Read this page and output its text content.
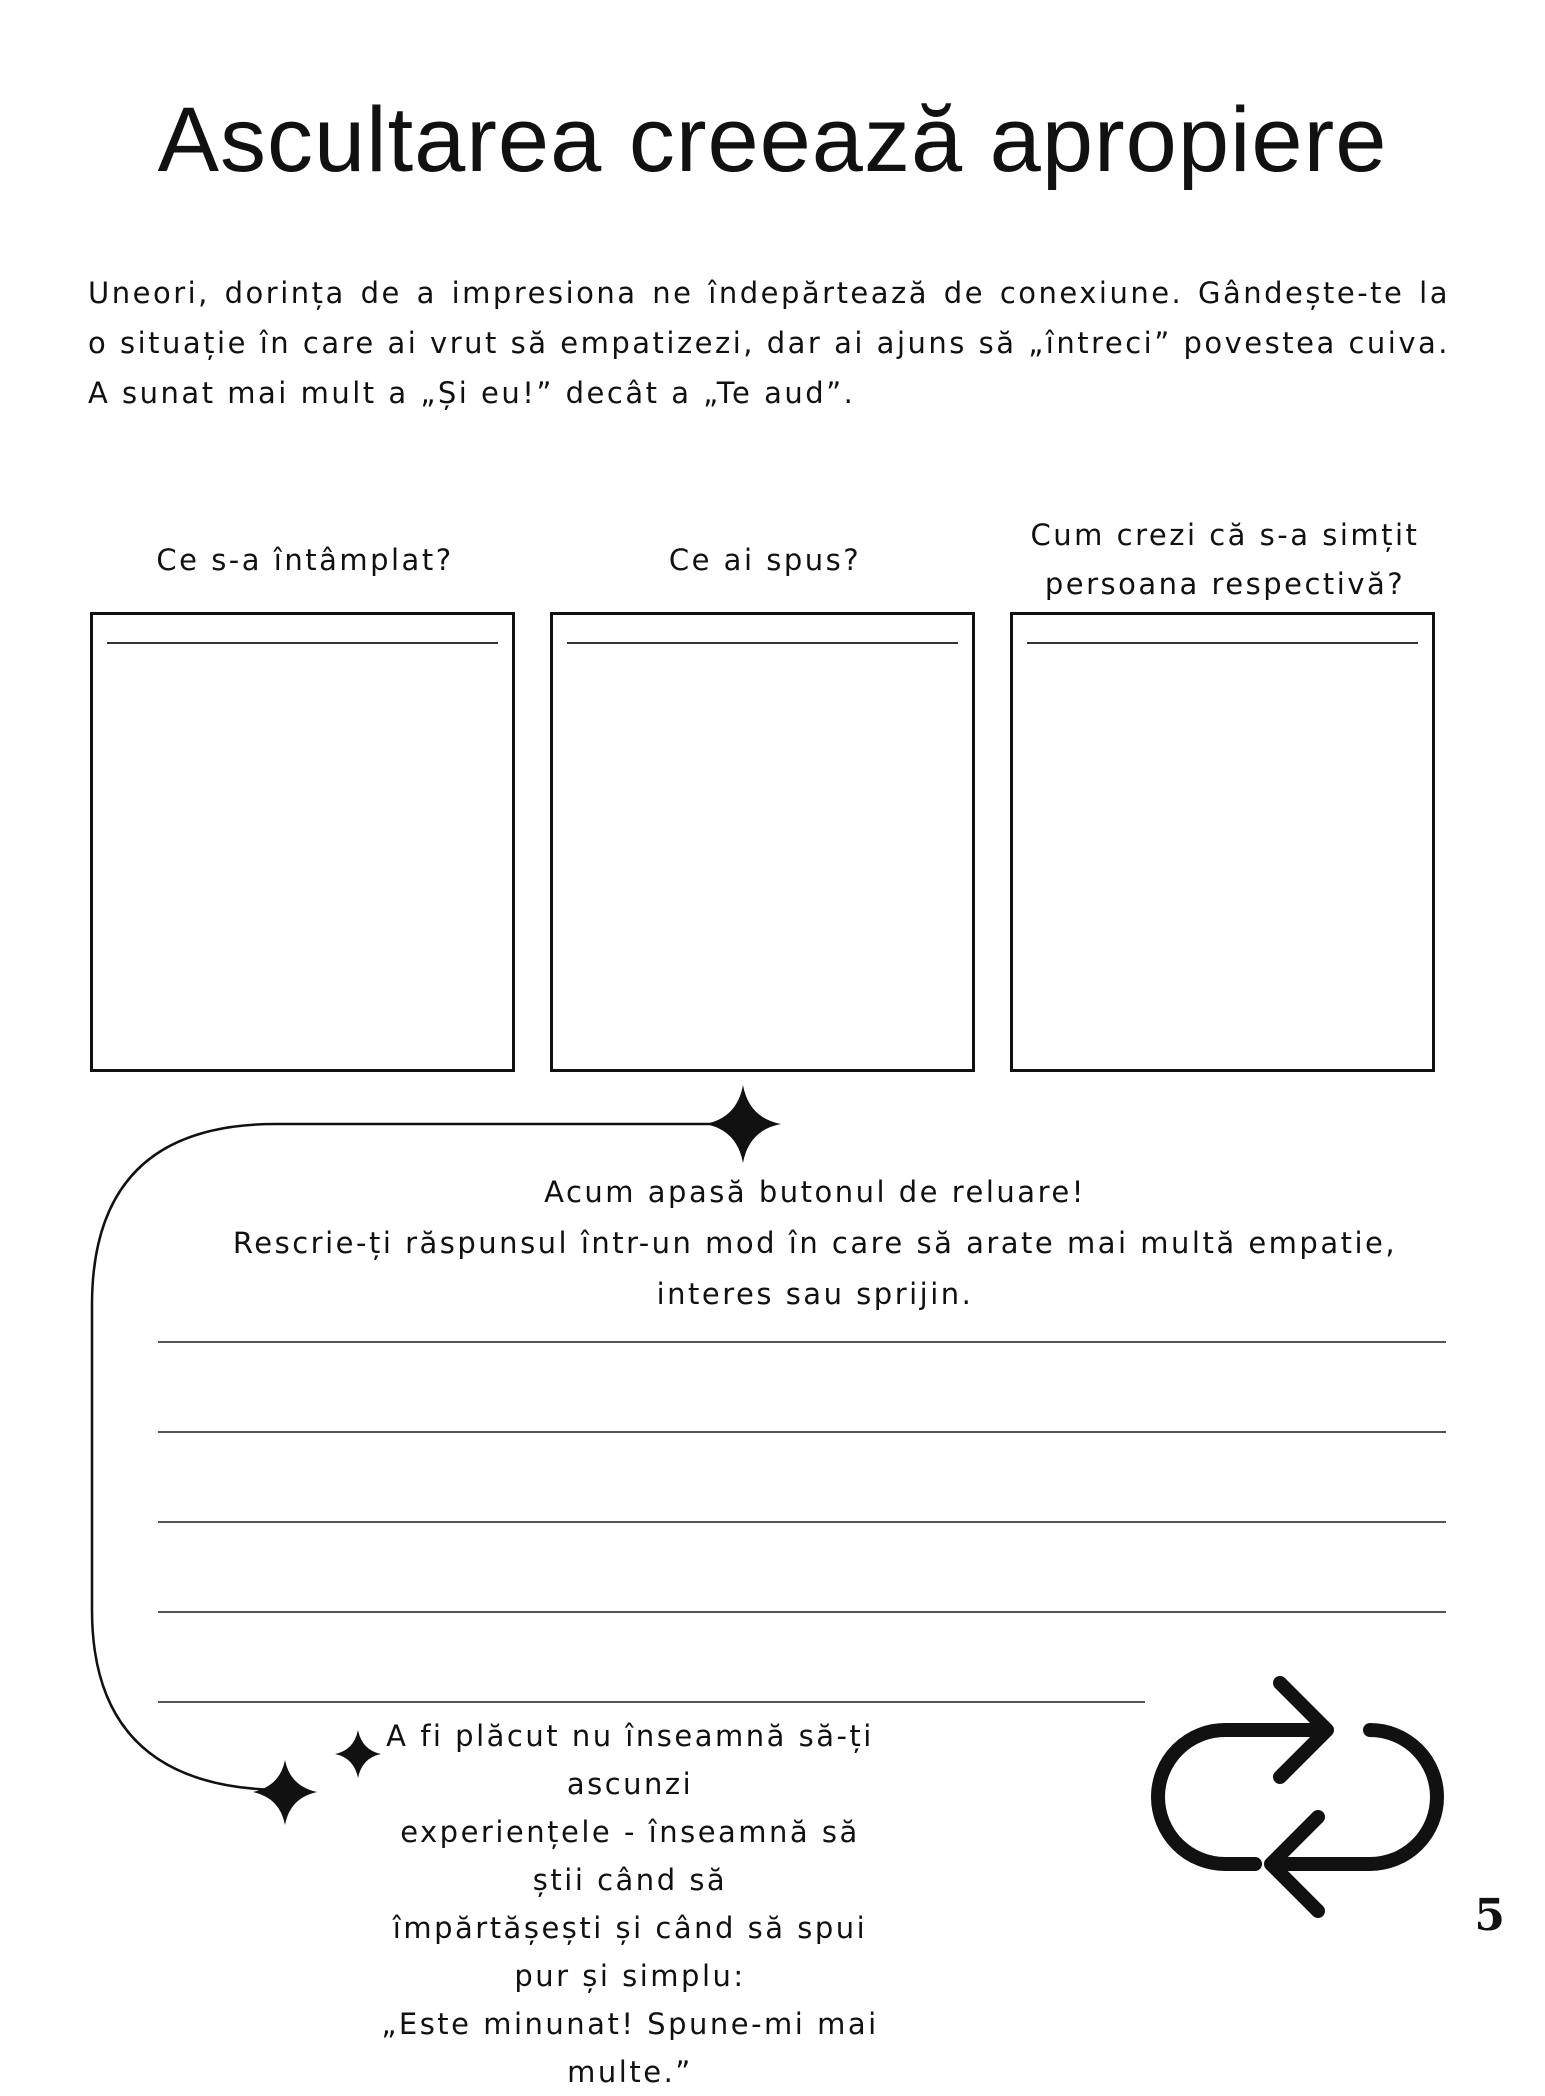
Ascultarea creează apropiere

Uneori, dorința de a impresiona ne îndepărtează de conexiune. Gândește-te la o situație în care ai vrut să empatizezi, dar ai ajuns să „întreci” povestea cuiva. A sunat mai mult a „Și eu!” decât a „Te aud”.

Ce s-a întâmplat?	Ce ai spus?
Cum crezi că s-a simțit
persoana respectivă?
Acum apasă butonul de reluare!
Rescrie-ți răspunsul într-un mod în care să arate mai multă empatie, interes sau sprijin.
A fi plăcut nu înseamnă să-ți ascunzi
experiențele - înseamnă să știi când să
împărtășești și când să spui pur și simplu:
„Este minunat! Spune-mi mai multe.”
5
